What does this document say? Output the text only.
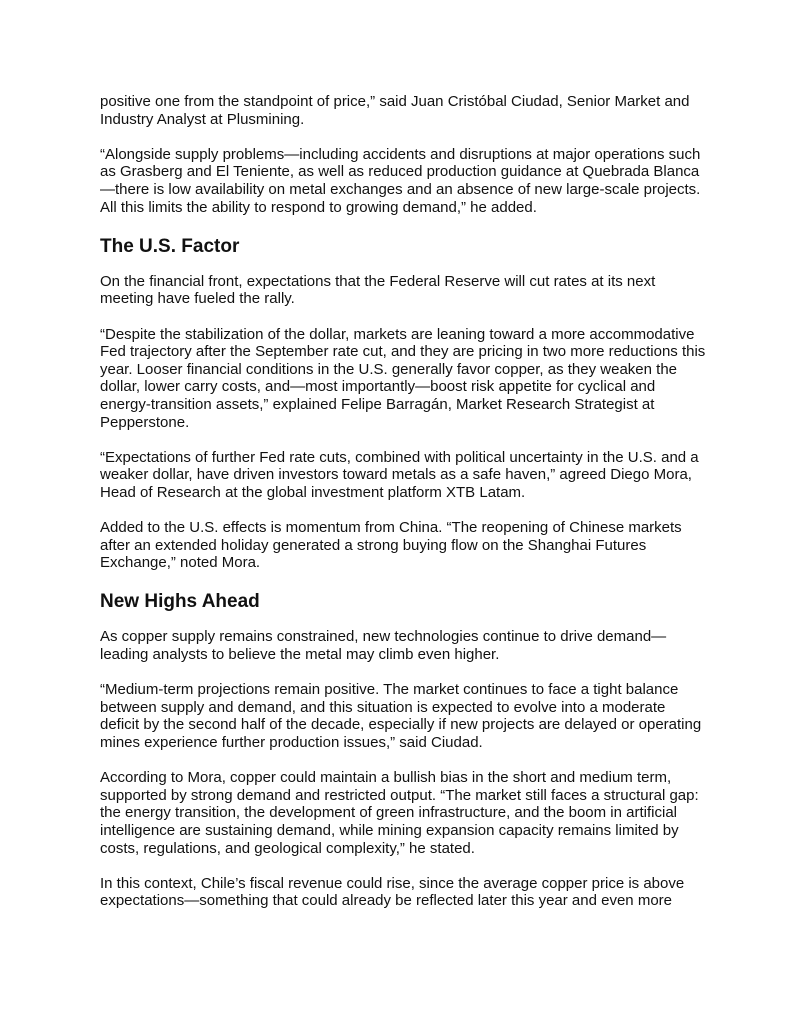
positive one from the standpoint of price,” said Juan Cristóbal Ciudad, Senior Market and Industry Analyst at Plusmining.

“Alongside supply problems—including accidents and disruptions at major operations such as Grasberg and El Teniente, as well as reduced production guidance at Quebrada Blanca—there is low availability on metal exchanges and an absence of new large-scale projects. All this limits the ability to respond to growing demand,” he added.

The U.S. Factor

On the financial front, expectations that the Federal Reserve will cut rates at its next meeting have fueled the rally.

“Despite the stabilization of the dollar, markets are leaning toward a more accommodative Fed trajectory after the September rate cut, and they are pricing in two more reductions this year. Looser financial conditions in the U.S. generally favor copper, as they weaken the dollar, lower carry costs, and—most importantly—boost risk appetite for cyclical and energy-transition assets,” explained Felipe Barragán, Market Research Strategist at Pepperstone.

“Expectations of further Fed rate cuts, combined with political uncertainty in the U.S. and a weaker dollar, have driven investors toward metals as a safe haven,” agreed Diego Mora, Head of Research at the global investment platform XTB Latam.

Added to the U.S. effects is momentum from China. “The reopening of Chinese markets after an extended holiday generated a strong buying flow on the Shanghai Futures Exchange,” noted Mora.

New Highs Ahead

As copper supply remains constrained, new technologies continue to drive demand—leading analysts to believe the metal may climb even higher.

“Medium-term projections remain positive. The market continues to face a tight balance between supply and demand, and this situation is expected to evolve into a moderate deficit by the second half of the decade, especially if new projects are delayed or operating mines experience further production issues,” said Ciudad.

According to Mora, copper could maintain a bullish bias in the short and medium term, supported by strong demand and restricted output. “The market still faces a structural gap: the energy transition, the development of green infrastructure, and the boom in artificial intelligence are sustaining demand, while mining expansion capacity remains limited by costs, regulations, and geological complexity,” he stated.

In this context, Chile’s fiscal revenue could rise, since the average copper price is above expectations—something that could already be reflected later this year and even more
